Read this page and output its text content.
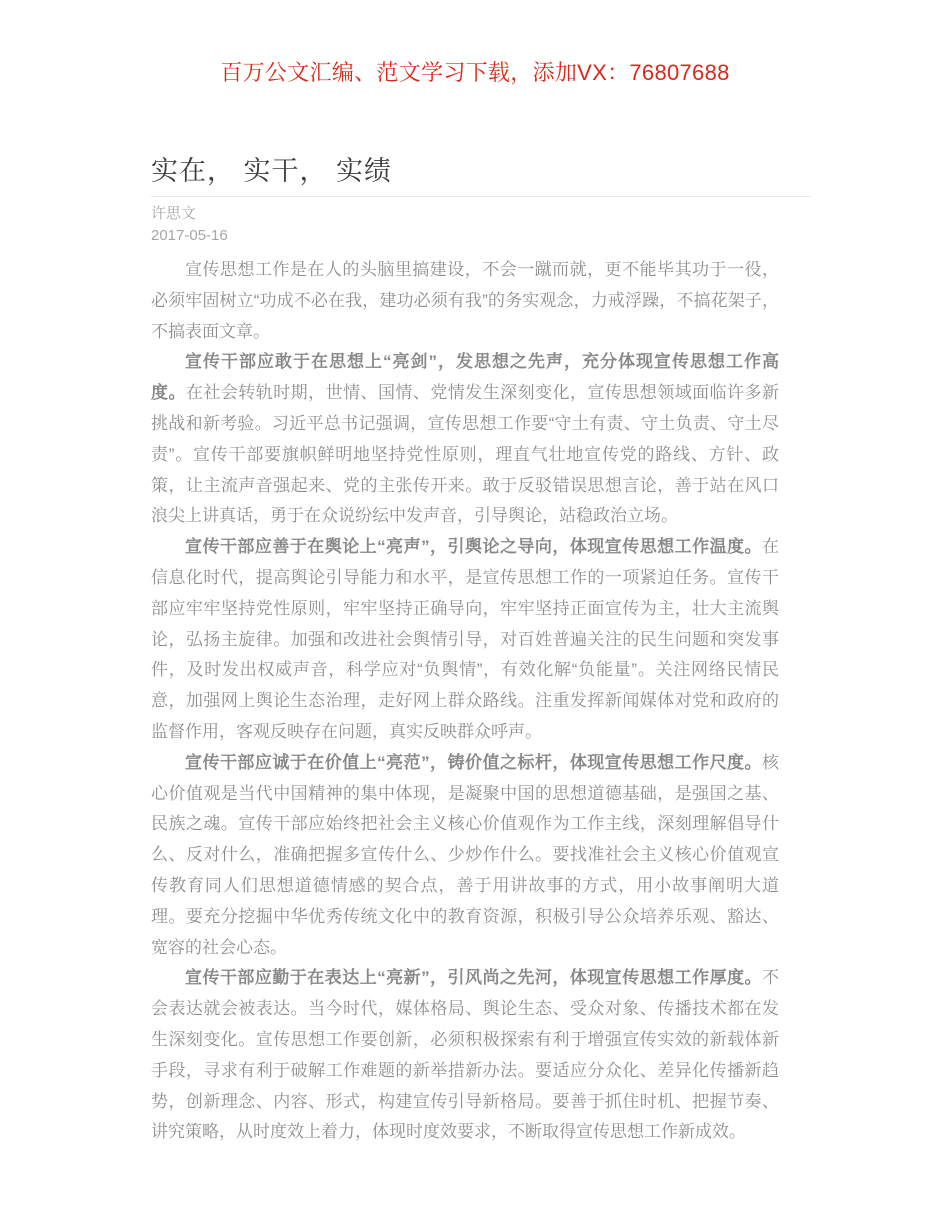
百万公文汇编、范文学习下载，添加VX：76807688
实在， 实干， 实绩
许思文
2017-05-16

宣传思想工作是在人的头脑里搞建设，不会一蹴而就，更不能毕其功于一役，必须牢固树立“功成不必在我，建功必须有我”的务实观念，力戒浮躁，不搞花架子，不搞表面文章。

宣传干部应敢于在思想上“亮剑”，发思想之先声，充分体现宣传思想工作高度。在社会转轨时期，世情、国情、党情发生深刻变化，宣传思想领域面临许多新挑战和新考验。习近平总书记强调，宣传思想工作要“守土有责、守土负责、守土尽责”。宣传干部要旗帜鲜明地坚持党性原则，理直气壮地宣传党的路线、方针、政策，让主流声音强起来、党的主张传开来。敢于反驳错误思想言论，善于站在风口浪尖上讲真话，勇于在众说纷纭中发声音，引导舆论，站稳政治立场。

宣传干部应善于在舆论上“亮声”，引舆论之导向，体现宣传思想工作温度。在信息化时代，提高舆论引导能力和水平，是宣传思想工作的一项紧迫任务。宣传干部应牢牢坚持党性原则，牢牢坚持正确导向，牢牢坚持正面宣传为主，壮大主流舆论，弘扬主旋律。加强和改进社会舆情引导，对百姓普遍关注的民生问题和突发事件，及时发出权威声音，科学应对“负舆情”，有效化解“负能量”。关注网络民情民意，加强网上舆论生态治理，走好网上群众路线。注重发挥新闻媒体对党和政府的监督作用，客观反映存在问题，真实反映群众呼声。

宣传干部应诚于在价值上“亮范”，铸价值之标杆，体现宣传思想工作尺度。核心价值观是当代中国精神的集中体现，是凝聚中国的思想道德基础，是强国之基、民族之魂。宣传干部应始终把社会主义核心价值观作为工作主线，深刻理解倡导什么、反对什么，准确把握多宣传什么、少炒作什么。要找准社会主义核心价值观宣传教育同人们思想道德情感的契合点，善于用讲故事的方式，用小故事阐明大道理。要充分挖掘中华优秀传统文化中的教育资源，积极引导公众培养乐观、豁达、宽容的社会心态。

宣传干部应勤于在表达上“亮新”，引风尚之先河，体现宣传思想工作厚度。不会表达就会被表达。当今时代，媒体格局、舆论生态、受众对象、传播技术都在发生深刻变化。宣传思想工作要创新，必须积极探索有利于增强宣传实效的新载体新手段，寻求有利于破解工作难题的新举措新办法。要适应分众化、差异化传播新趋势，创新理念、内容、形式，构建宣传引导新格局。要善于抓住时机、把握节奏、讲究策略，从时度效上着力，体现时度效要求，不断取得宣传思想工作新成效。
